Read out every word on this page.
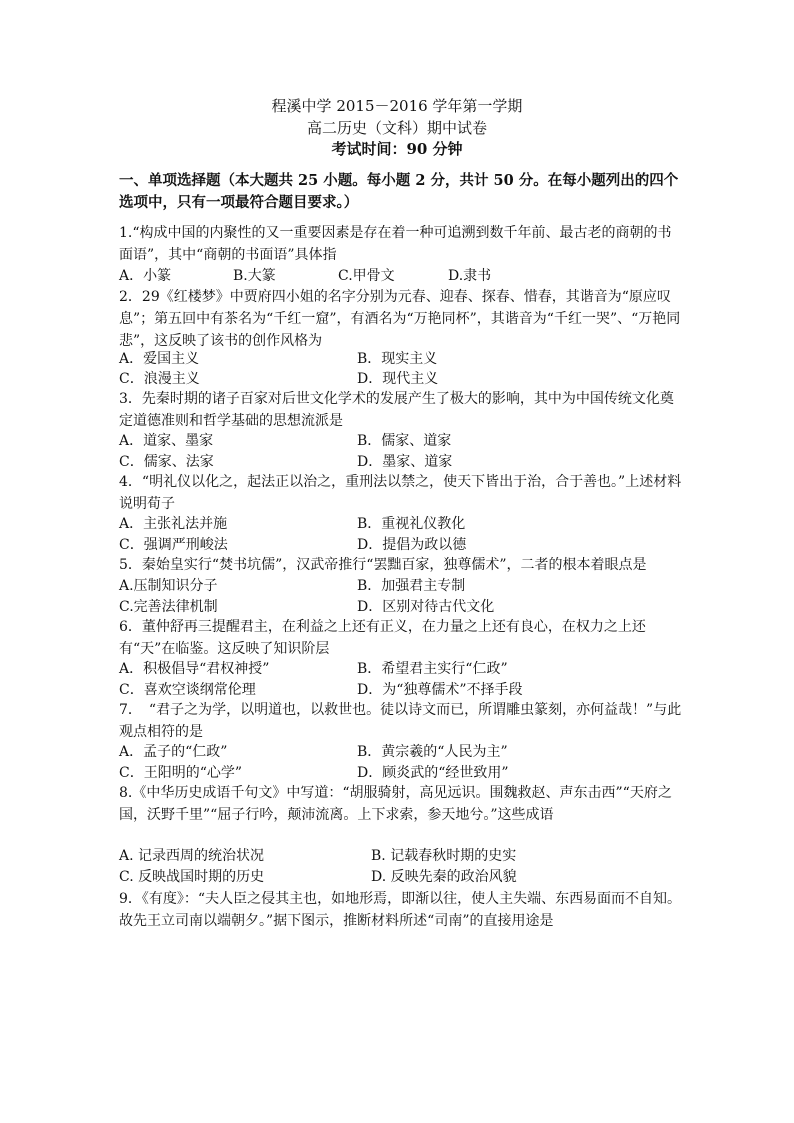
程溪中学 2015－2016 学年第一学期
高二历史（文科）期中试卷
考试时间：90 分钟
一、单项选择题（本大题共 25 小题。每小题 2 分，共计 50 分。在每小题列出的四个选项中，只有一项最符合题目要求。）
1.“构成中国的内聚性的又一重要因素是存在着一种可追溯到数千年前、最古老的商朝的书面语”，其中“商朝的书面语”具体指
A．小篆	B.大篆	C.甲骨文	D.隶书
2．29《红楼梦》中贾府四小姐的名字分别为元春、迎春、探春、惜春，其谐音为“原应叹息”；第五回中有茶名为“千红一窟”，有酒名为“万艳同杯”，其谐音为“千红一哭”、“万艳同悲”，这反映了该书的创作风格为
A．爱国主义	B．现实主义
C．浪漫主义	D．现代主义
3．先秦时期的诸子百家对后世文化学术的发展产生了极大的影响，其中为中国传统文化奠定道德准则和哲学基础的思想流派是
A．道家、墨家	B．儒家、道家
C．儒家、法家	D．墨家、道家
4．“明礼仪以化之，起法正以治之，重刑法以禁之，使天下皆出于治，合于善也。”上述材料说明荀子
A．主张礼法并施	B．重视礼仪教化
C．强调严刑峻法	D．提倡为政以德
5．秦始皇实行“焚书坑儒”，汉武帝推行“罢黜百家，独尊儒术”，二者的根本着眼点是
A.压制知识分子	B．加强君主专制
C.完善法律机制	D．区别对待古代文化
6．董仲舒再三提醒君主，在利益之上还有正义，在力量之上还有良心，在权力之上还有“天”在临鉴。这反映了知识阶层
A．积极倡导“君权神授”	B．希望君主实行“仁政”
C．喜欢空谈纲常伦理	D．为“独尊儒术”不择手段
7．　“君子之为学，以明道也，以救世也。徒以诗文而已，所谓雕虫篆刻，亦何益哉！”与此观点相符的是
A．孟子的“仁政”	B．黄宗羲的“人民为主”
C．王阳明的“心学”	D．顾炎武的“经世致用”
8.《中华历史成语千句文》中写道：“胡服骑射，高见远识。围魏救赵、声东击西”“天府之国，沃野千里”“屈子行吟，颠沛流离。上下求索，参天地兮。”这些成语
A. 记录西周的统治状况	B. 记载春秋时期的史实
C. 反映战国时期的历史	D. 反映先秦的政治风貌
9．《有度》：“夫人臣之侵其主也，如地形焉，即渐以往，使人主失端、东西易面而不自知。故先王立司南以端朝夕。”据下图示，推断材料所述“司南”的直接用途是
